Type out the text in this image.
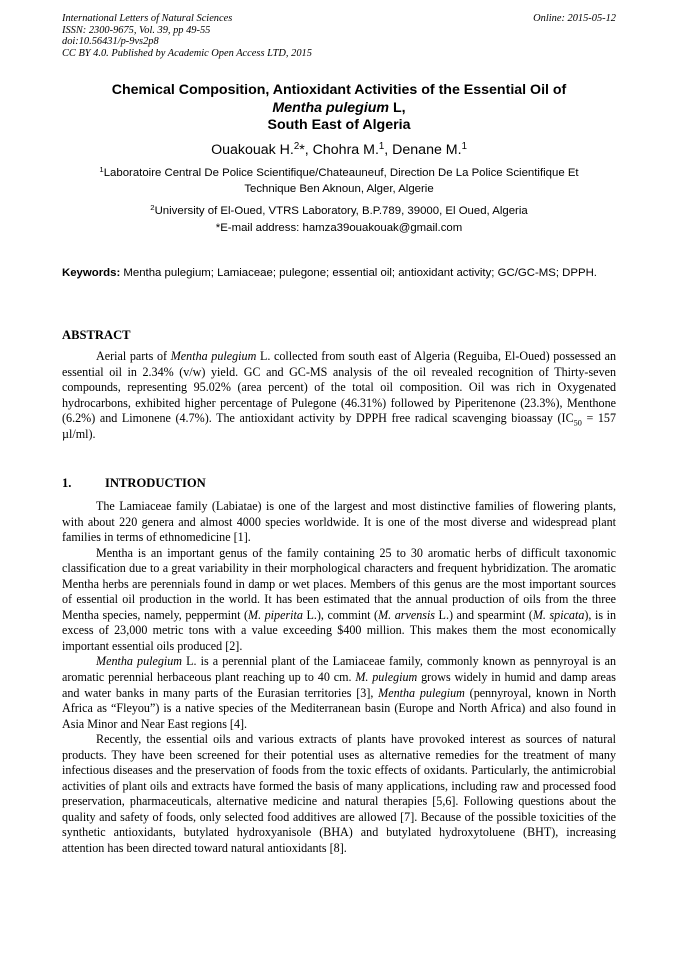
International Letters of Natural Sciences
ISSN: 2300-9675, Vol. 39, pp 49-55
doi:10.56431/p-9vs2p8
CC BY 4.0. Published by Academic Open Access LTD, 2015
Online: 2015-05-12
Chemical Composition, Antioxidant Activities of the Essential Oil of
Mentha pulegium L,
South East of Algeria
Ouakouak H.$^2$*, Chohra M.$^1$, Denane M.$^1$
$^1$Laboratoire Central De Police Scientifique/Chateauneuf, Direction De La Police Scientifique Et
Technique Ben Aknoun, Alger, Algerie
$^2$University of El-Oued, VTRS Laboratory, B.P.789, 39000, El Oued, Algeria
*E-mail address: hamza39ouakouak@gmail.com
Keywords: Mentha pulegium; Lamiaceae; pulegone; essential oil; antioxidant activity; GC/GC-MS; DPPH.
ABSTRACT

Aerial parts of Mentha pulegium L. collected from south east of Algeria (Reguiba, El-Oued) possessed an essential oil in 2.34% (v/w) yield. GC and GC-MS analysis of the oil revealed recognition of Thirty-seven compounds, representing 95.02% (area percent) of the total oil composition. Oil was rich in Oxygenated hydrocarbons, exhibited higher percentage of Pulegone (46.31%) followed by Piperitenone (23.3%), Menthone (6.2%) and Limonene (4.7%). The antioxidant activity by DPPH free radical scavenging bioassay ($IC_{50} = 157$ µl/ml).

1.	INTRODUCTION

The Lamiaceae family (Labiatae) is one of the largest and most distinctive families of flowering plants, with about 220 genera and almost 4000 species worldwide. It is one of the most diverse and widespread plant families in terms of ethnomedicine [1].

Mentha is an important genus of the family containing 25 to 30 aromatic herbs of difficult taxonomic classification due to a great variability in their morphological characters and frequent hybridization. The aromatic Mentha herbs are perennials found in damp or wet places. Members of this genus are the most important sources of essential oil production in the world. It has been estimated that the annual production of oils from the three Mentha species, namely, peppermint (M. piperita L.), commint (M. arvensis L.) and spearmint (M. spicata), is in excess of 23,000 metric tons with a value exceeding $400 million. This makes them the most economically important essential oils produced [2].

Mentha pulegium L. is a perennial plant of the Lamiaceae family, commonly known as pennyroyal is an aromatic perennial herbaceous plant reaching up to 40 cm. M. pulegium grows widely in humid and damp areas and water banks in many parts of the Eurasian territories [3], Mentha pulegium (pennyroyal, known in North Africa as “Fleyou”) is a native species of the Mediterranean basin (Europe and North Africa) and also found in Asia Minor and Near East regions [4].

Recently, the essential oils and various extracts of plants have provoked interest as sources of natural products. They have been screened for their potential uses as alternative remedies for the treatment of many infectious diseases and the preservation of foods from the toxic effects of oxidants. Particularly, the antimicrobial activities of plant oils and extracts have formed the basis of many applications, including raw and processed food preservation, pharmaceuticals, alternative medicine and natural therapies [5,6]. Following questions about the quality and safety of foods, only selected food additives are allowed [7]. Because of the possible toxicities of the synthetic antioxidants, butylated hydroxyanisole (BHA) and butylated hydroxytoluene (BHT), increasing attention has been directed toward natural antioxidants [8].
